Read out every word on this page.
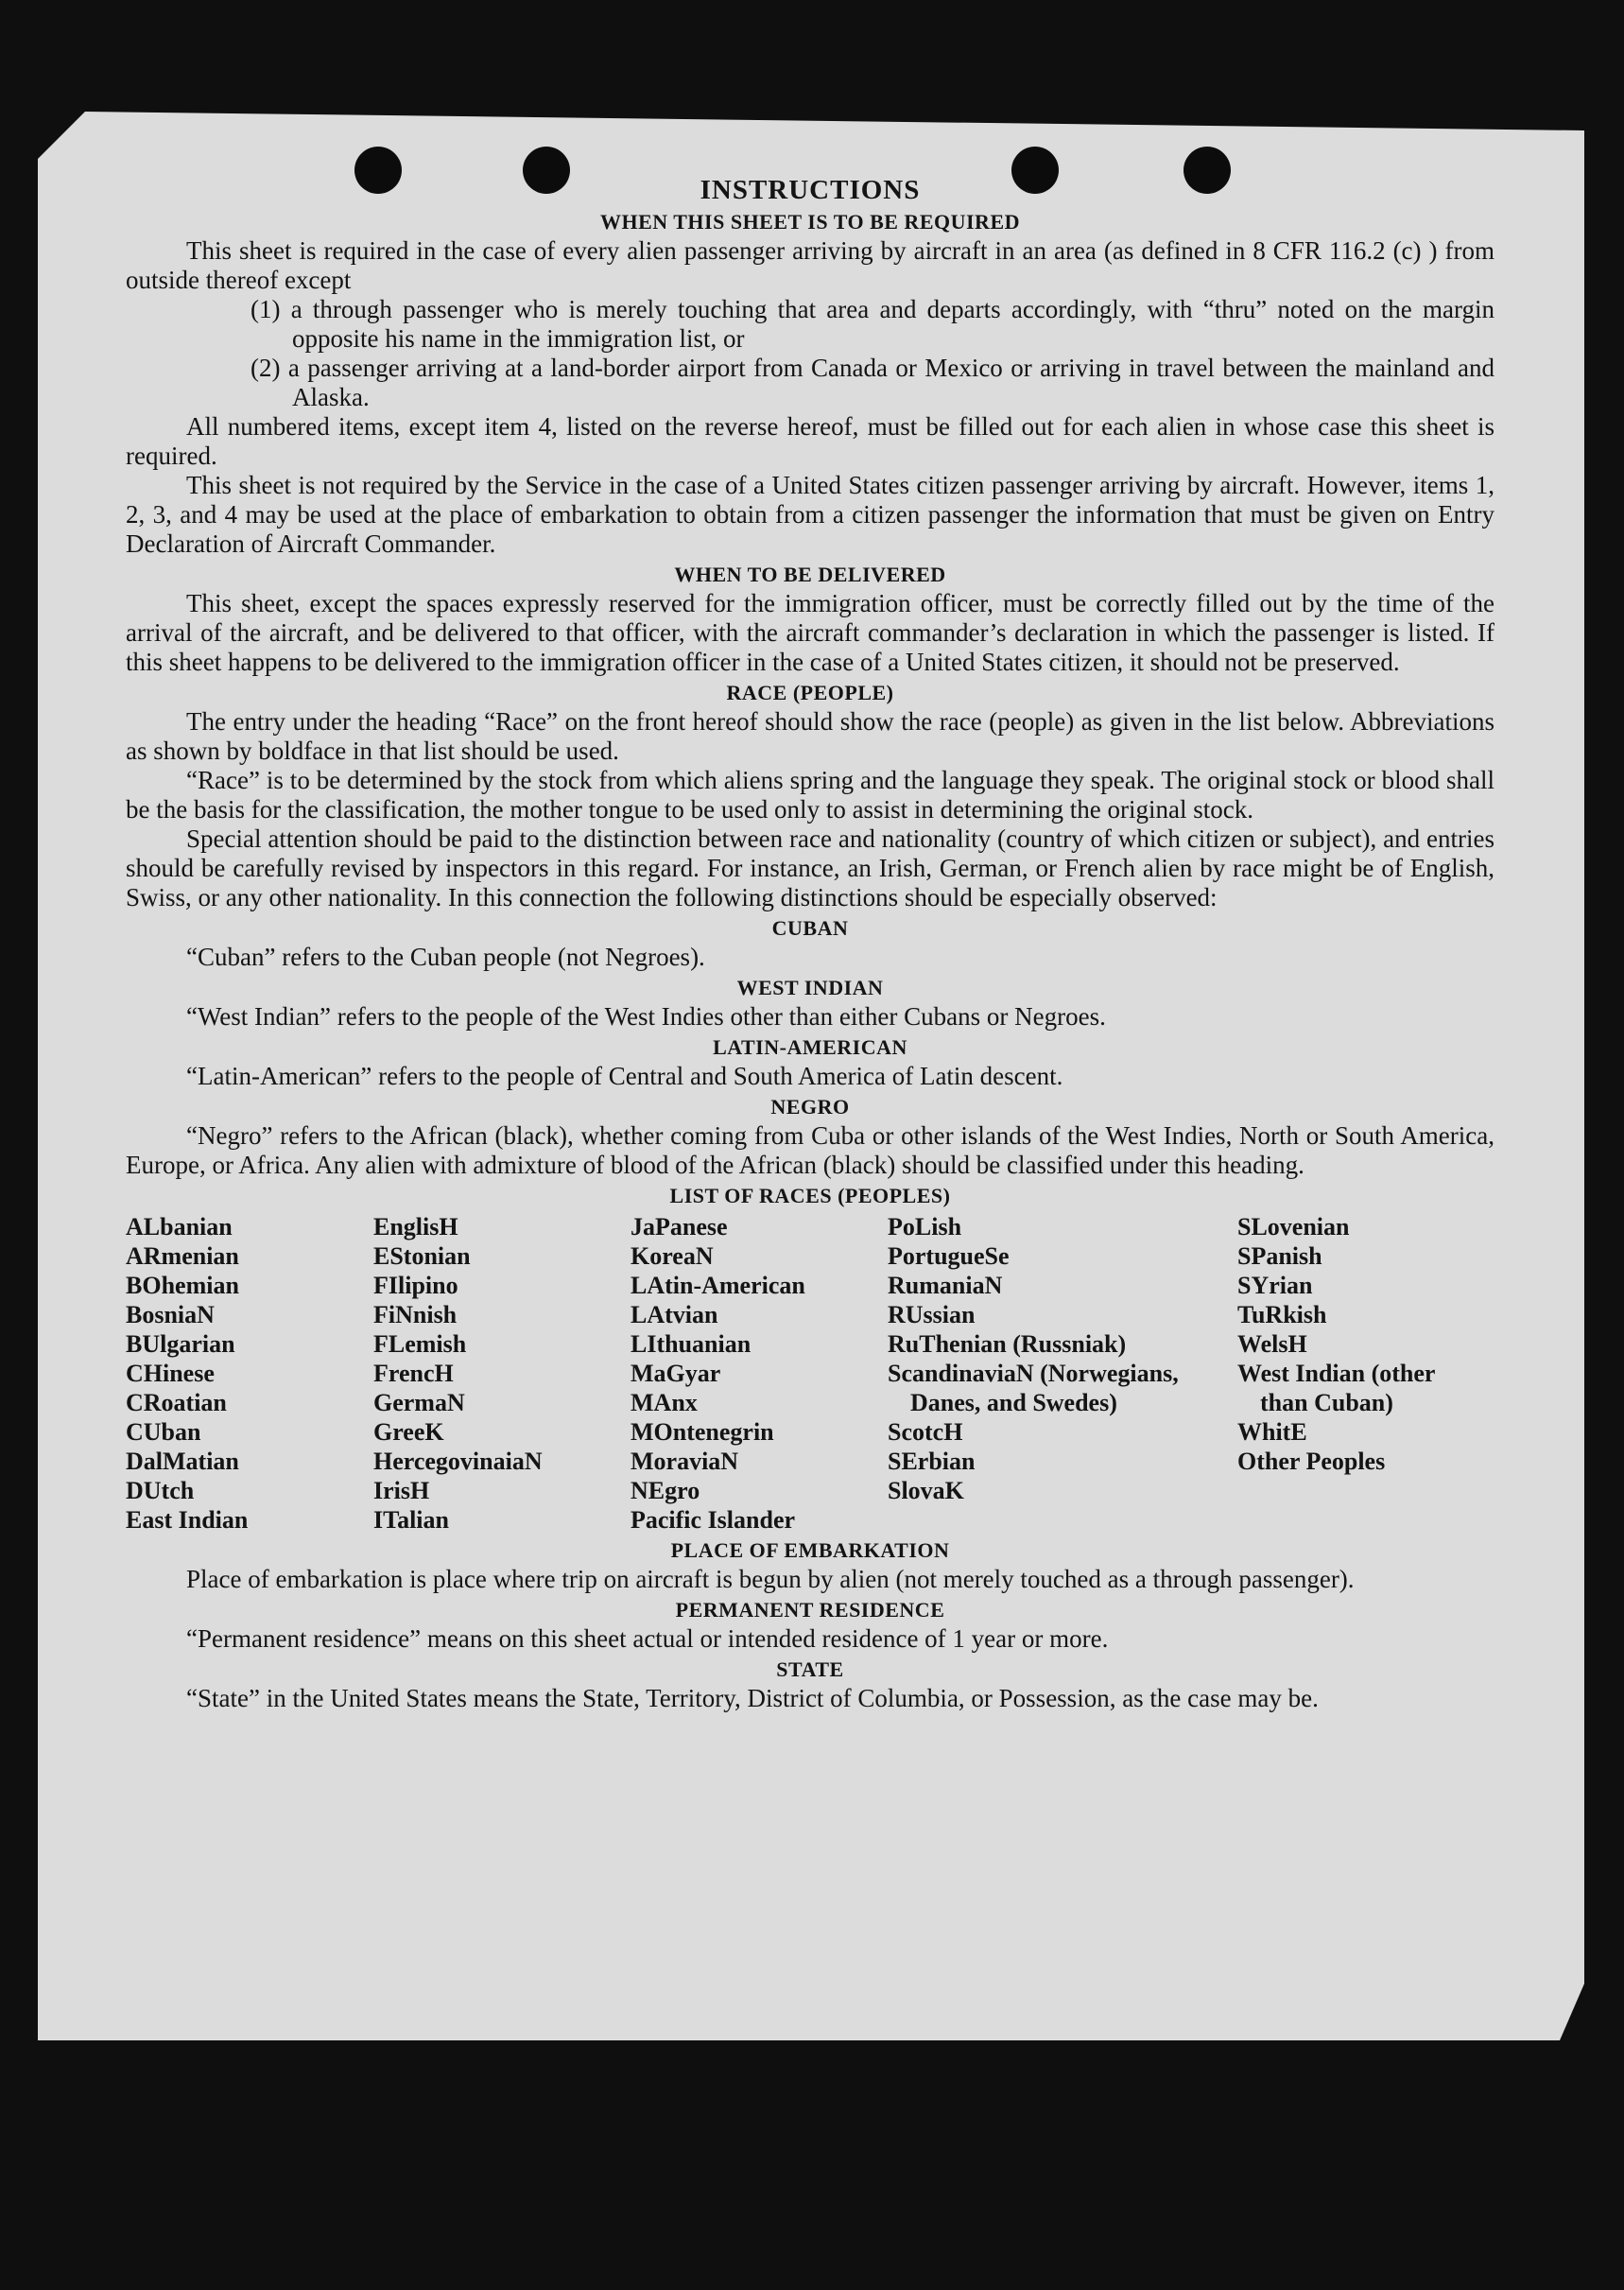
INSTRUCTIONS
WHEN THIS SHEET IS TO BE REQUIRED

This sheet is required in the case of every alien passenger arriving by aircraft in an area (as defined in 8 CFR 116.2 (c) ) from outside thereof except

(1) a through passenger who is merely touching that area and departs accordingly, with “thru” noted on the margin opposite his name in the immigration list, or
(2) a passenger arriving at a land-border airport from Canada or Mexico or arriving in travel between the mainland and Alaska.

All numbered items, except item 4, listed on the reverse hereof, must be filled out for each alien in whose case this sheet is required.

This sheet is not required by the Service in the case of a United States citizen passenger arriving by aircraft. However, items 1, 2, 3, and 4 may be used at the place of embarkation to obtain from a citizen passenger the information that must be given on Entry Declaration of Aircraft Commander.

WHEN TO BE DELIVERED

This sheet, except the spaces expressly reserved for the immigration officer, must be correctly filled out by the time of the arrival of the aircraft, and be delivered to that officer, with the aircraft commander’s declaration in which the passenger is listed. If this sheet happens to be delivered to the immigration officer in the case of a United States citizen, it should not be preserved.

RACE (PEOPLE)

The entry under the heading “Race” on the front hereof should show the race (people) as given in the list below. Abbreviations as shown by boldface in that list should be used.

“Race” is to be determined by the stock from which aliens spring and the language they speak. The original stock or blood shall be the basis for the classification, the mother tongue to be used only to assist in determining the original stock.

Special attention should be paid to the distinction between race and nationality (country of which citizen or subject), and entries should be carefully revised by inspectors in this regard. For instance, an Irish, German, or French alien by race might be of English, Swiss, or any other nationality. In this connection the following distinctions should be especially observed:

CUBAN

“Cuban” refers to the Cuban people (not Negroes).

WEST INDIAN

“West Indian” refers to the people of the West Indies other than either Cubans or Negroes.

LATIN-AMERICAN

“Latin-American” refers to the people of Central and South America of Latin descent.

NEGRO

“Negro” refers to the African (black), whether coming from Cuba or other islands of the West Indies, North or South America, Europe, or Africa. Any alien with admixture of blood of the African (black) should be classified under this heading.

LIST OF RACES (PEOPLES)
ALbanian
ARmenian
BOhemian
BosniaN
BUlgarian
CHinese
CRoatian
CUban
DalMatian
DUtch
East Indian
EnglisH
EStonian
FIlipino
FiNnish
FLemish
FrencH
GermaN
GreeK
HercegovinaiaN
IrisH
ITalian
JaPanese
KoreaN
LAtin-American
LAtvian
LIthuanian
MaGyar
MAnx
MOntenegrin
MoraviaN
NEgro
Pacific Islander
PoLish
PortugueSe
RumaniaN
RUssian
RuThenian (Russniak)
ScandinaviaN (Norwegians, Danes, and Swedes)
ScotcH
SErbian
SlovaK
SLovenian
SPanish
SYrian
TuRkish
WelsH
West Indian (other than Cuban)
WhitE
Other Peoples
PLACE OF EMBARKATION

Place of embarkation is place where trip on aircraft is begun by alien (not merely touched as a through passenger).

PERMANENT RESIDENCE

“Permanent residence” means on this sheet actual or intended residence of 1 year or more.

STATE

“State” in the United States means the State, Territory, District of Columbia, or Possession, as the case may be.
